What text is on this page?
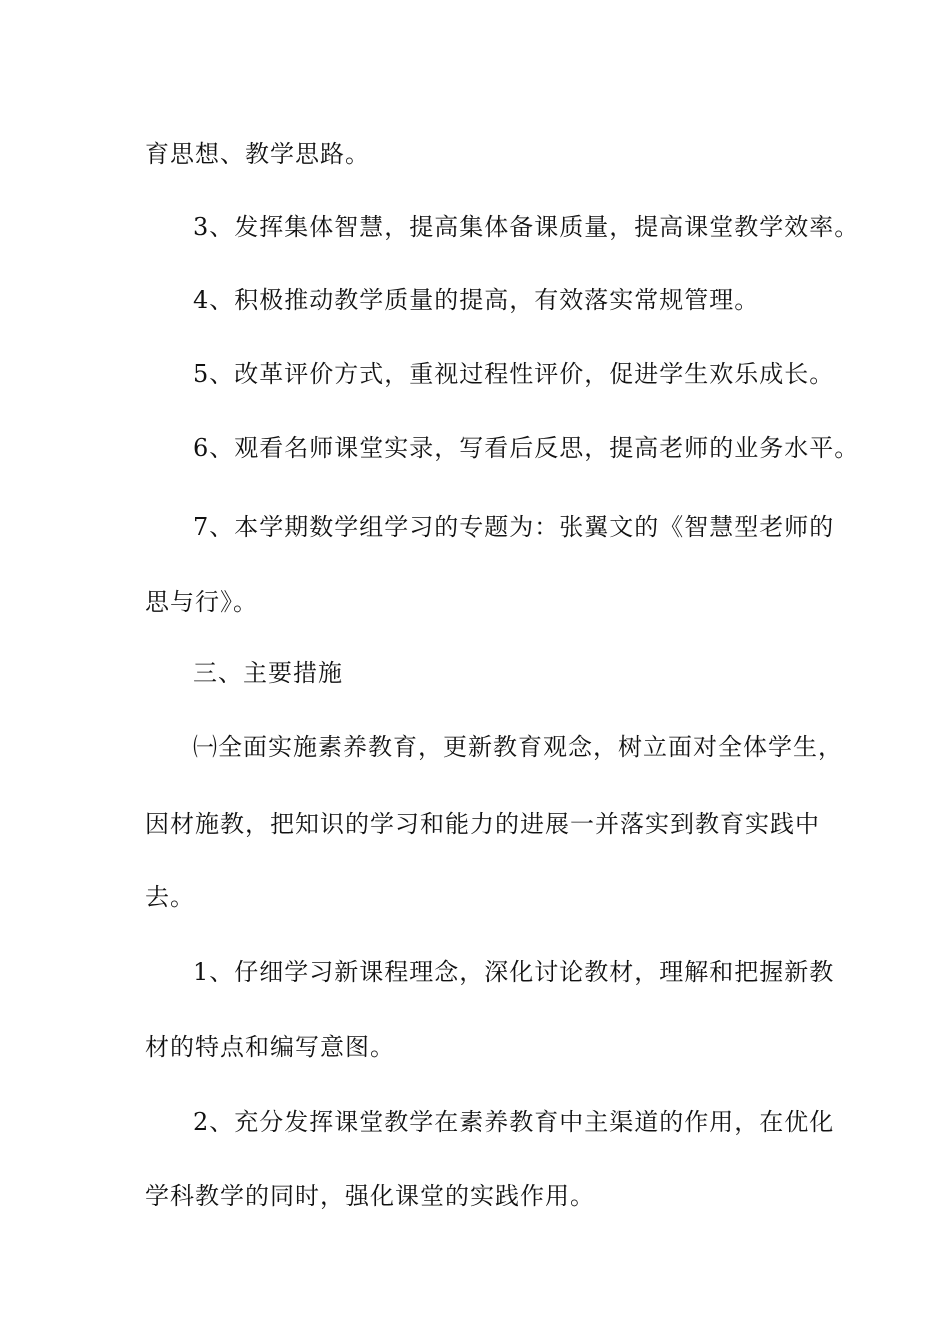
育思想、教学思路。
3、发挥集体智慧，提高集体备课质量，提高课堂教学效率。
4、积极推动教学质量的提高，有效落实常规管理。
5、改革评价方式，重视过程性评价，促进学生欢乐成长。
6、观看名师课堂实录，写看后反思，提高老师的业务水平。
7、本学期数学组学习的专题为：张翼文的《智慧型老师的
思与行》。
三、主要措施
㈠全面实施素养教育，更新教育观念，树立面对全体学生，
因材施教，把知识的学习和能力的进展一并落实到教育实践中
去。
1、仔细学习新课程理念，深化讨论教材，理解和把握新教
材的特点和编写意图。
2、充分发挥课堂教学在素养教育中主渠道的作用，在优化
学科教学的同时，强化课堂的实践作用。
